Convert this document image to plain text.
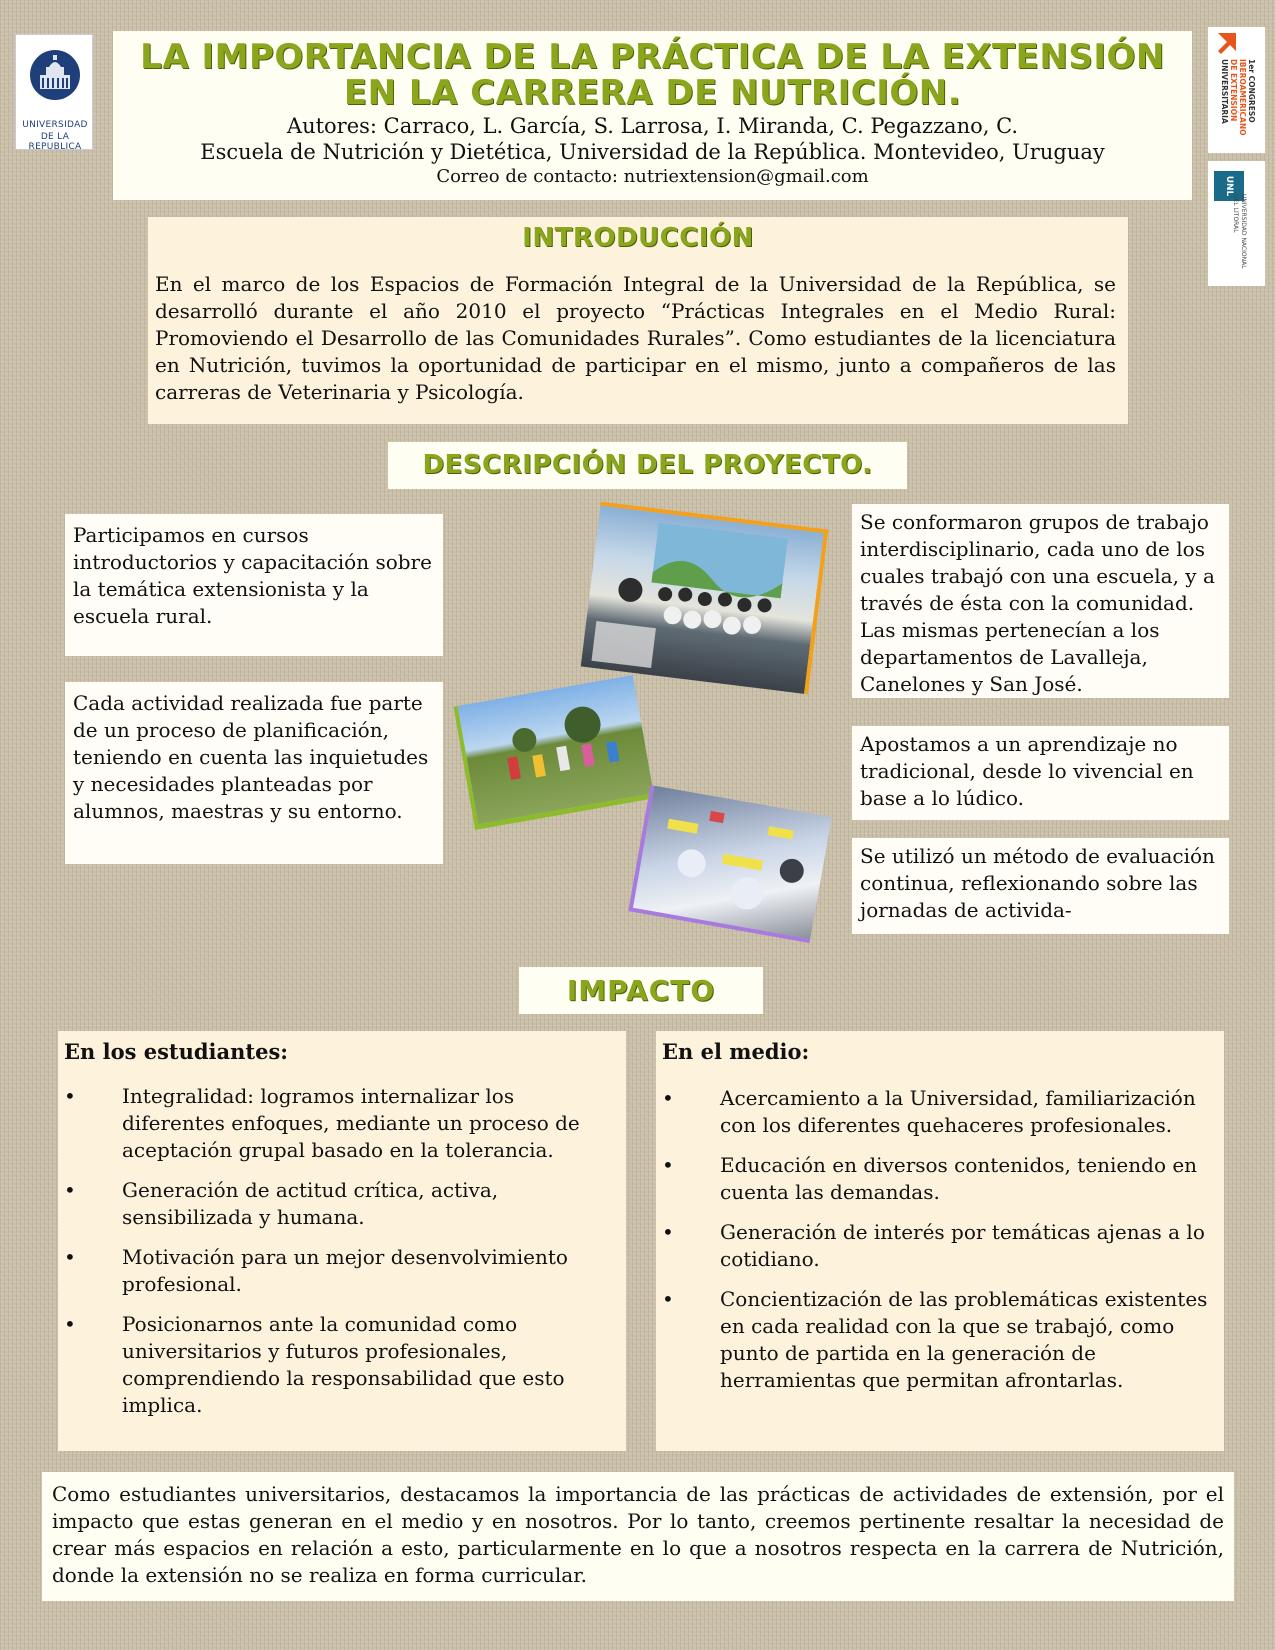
UNIVERSIDAD
DE LA REPUBLICA
1er CONGRESO
IBEROAMERICANO
DE EXTENSIÓN
UNIVERSITARIA
UNL
UNIVERSIDAD NACIONAL
DEL LITORAL
LA IMPORTANCIA DE LA PRÁCTICA DE LA EXTENSIÓN EN LA CARRERA DE NUTRICIÓN.
Autores: Carraco, L. García, S. Larrosa, I. Miranda, C. Pegazzano, C.
Escuela de Nutrición y Dietética, Universidad de la República. Montevideo, Uruguay
Correo de contacto: nutriextension@gmail.com
INTRODUCCIÓN

En el marco de los Espacios de Formación Integral de la Universidad de la República, se desarrolló durante el año 2010 el proyecto “Prácticas Integrales en el Medio Rural: Promoviendo el Desarrollo de las Comunidades Rurales”. Como estudiantes de la licenciatura en Nutrición, tuvimos la oportunidad de participar en el mismo, junto a compañeros de las carreras de Veterinaria y Psicología.

DESCRIPCIÓN DEL PROYECTO.

Participamos en cursos introductorios y capacitación sobre la temática extensionista y la escuela rural.

Cada actividad realizada fue parte de un proceso de planificación, teniendo en cuenta las inquietudes y necesidades planteadas por alumnos, maestras y su entorno.

Se conformaron grupos de trabajo interdisciplinario, cada uno de los cuales trabajó con una escuela, y a través de ésta con la comunidad. Las mismas pertenecían a los departamentos de Lavalleja, Canelones y San José.

Apostamos a un aprendizaje no tradicional, desde lo vivencial en base a lo lúdico.

Se utilizó un método de evaluación continua, reflexionando sobre las jornadas de activida-

IMPACTO
En los estudiantes:
• Integralidad: logramos internalizar los diferentes enfoques, mediante un proceso de aceptación grupal basado en la tolerancia.
• Generación de actitud crítica, activa, sensibilizada y humana.
• Motivación para un mejor desenvolvimiento profesional.
• Posicionarnos ante la comunidad como universitarios y futuros profesionales, comprendiendo la responsabilidad que esto implica.
En el medio:
• Acercamiento a la Universidad, familiarización con los diferentes quehaceres profesionales.
• Educación en diversos contenidos, teniendo en cuenta las demandas.
• Generación de interés por temáticas ajenas a lo cotidiano.
• Concientización de las problemáticas existentes en cada realidad con la que se trabajó, como punto de partida en la generación de herramientas que permitan afrontarlas.

Como estudiantes universitarios, destacamos la importancia de las prácticas de actividades de extensión, por el impacto que estas generan en el medio y en nosotros. Por lo tanto, creemos pertinente resaltar la necesidad de crear más espacios en relación a esto, particularmente en lo que a nosotros respecta en la carrera de Nutrición, donde la extensión no se realiza en forma curricular.
